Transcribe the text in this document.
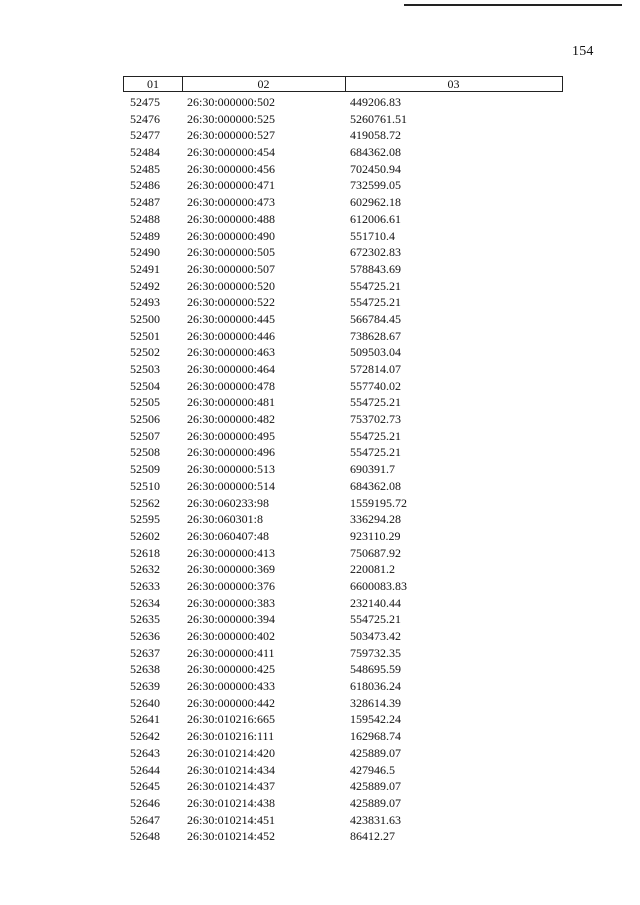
154
01	02	03
52475 26:30:000000:502	449206.83
52476 26:30:000000:525	5260761.51
52477 26:30:000000:527	419058.72
52484 26:30:000000:454	684362.08
52485 26:30:000000:456	702450.94
52486 26:30:000000:471	732599.05
52487 26:30:000000:473	602962.18
52488 26:30:000000:488	612006.61
52489 26:30:000000:490	551710.4
52490 26:30:000000:505	672302.83
52491 26:30:000000:507	578843.69
52492 26:30:000000:520	554725.21
52493 26:30:000000:522	554725.21
52500 26:30:000000:445	566784.45
52501 26:30:000000:446	738628.67
52502 26:30:000000:463	509503.04
52503 26:30:000000:464	572814.07
52504 26:30:000000:478	557740.02
52505 26:30:000000:481	554725.21
52506 26:30:000000:482	753702.73
52507 26:30:000000:495	554725.21
52508 26:30:000000:496	554725.21
52509 26:30:000000:513	690391.7
52510 26:30:000000:514	684362.08
52562 26:30:060233:98	1559195.72
52595 26:30:060301:8	336294.28
52602 26:30:060407:48	923110.29
52618 26:30:000000:413	750687.92
52632 26:30:000000:369	220081.2
52633 26:30:000000:376	6600083.83
52634 26:30:000000:383	232140.44
52635 26:30:000000:394	554725.21
52636 26:30:000000:402	503473.42
52637 26:30:000000:411	759732.35
52638 26:30:000000:425	548695.59
52639 26:30:000000:433	618036.24
52640 26:30:000000:442	328614.39
52641 26:30:010216:665	159542.24
52642 26:30:010216:111	162968.74
52643 26:30:010214:420	425889.07
52644 26:30:010214:434	427946.5
52645 26:30:010214:437	425889.07
52646 26:30:010214:438	425889.07
52647 26:30:010214:451	423831.63
52648 26:30:010214:452	86412.27
